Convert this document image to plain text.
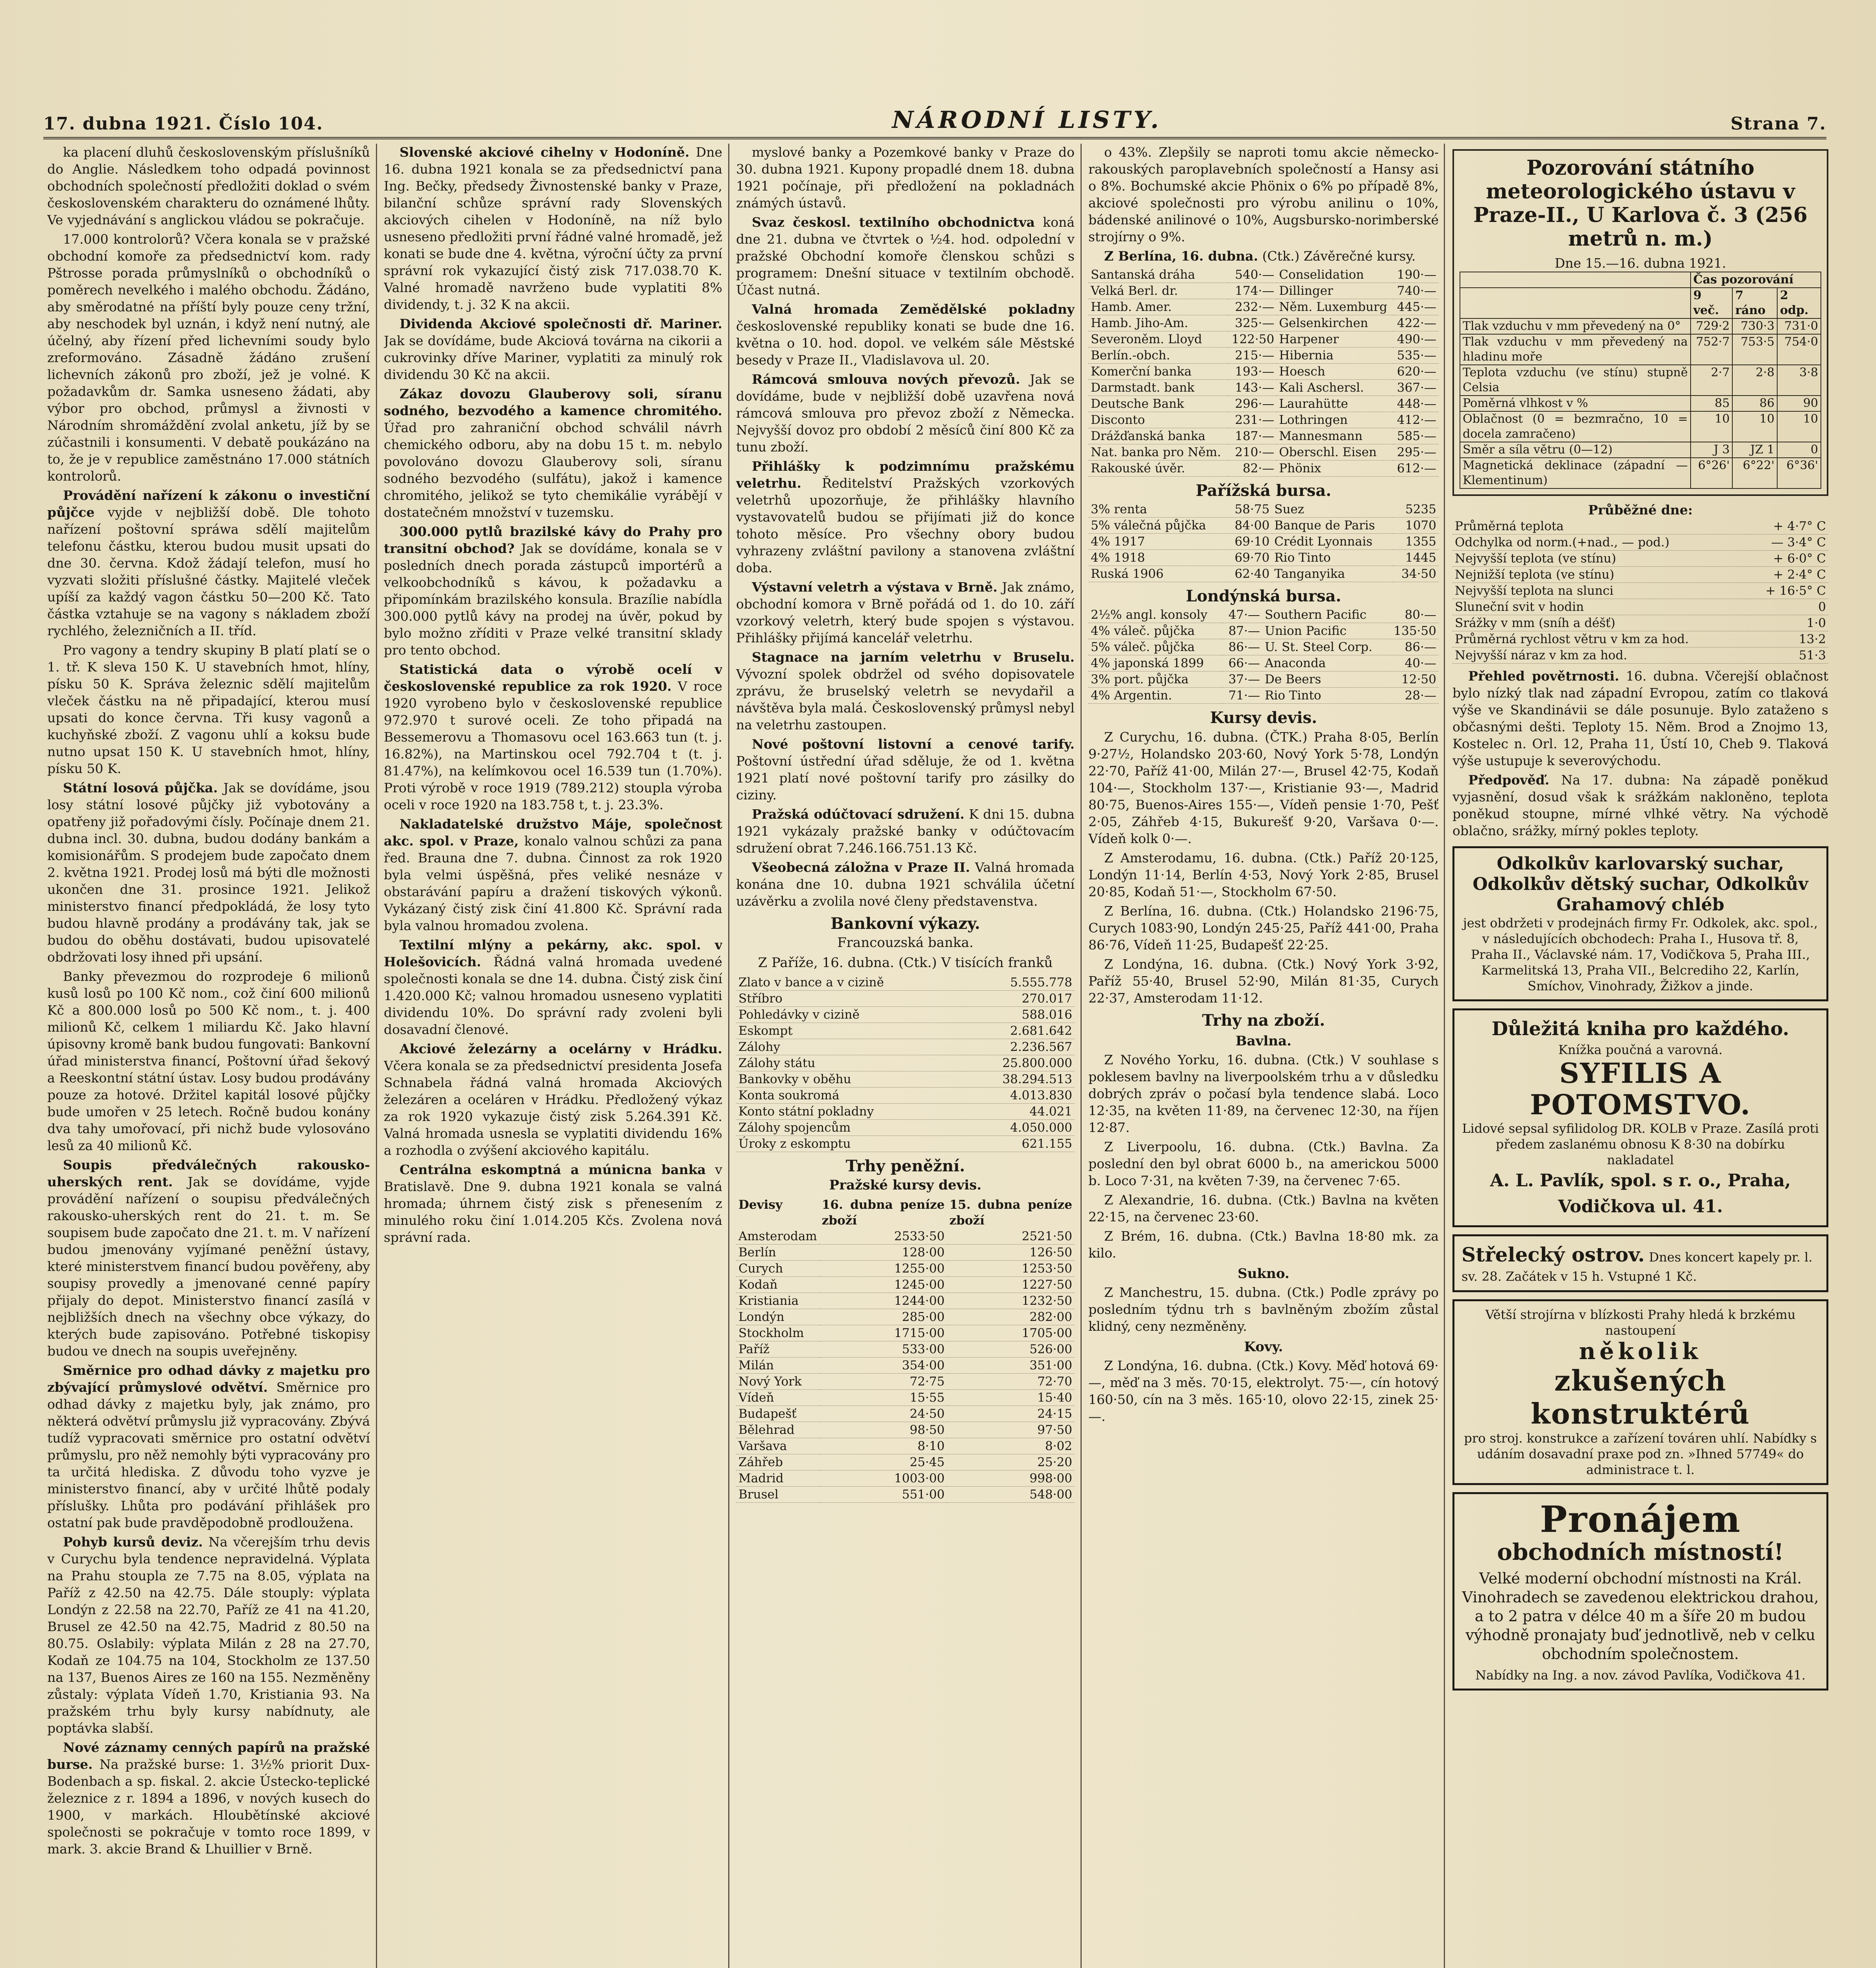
17. dubna 1921. Číslo 104.	NÁRODNÍ LISTY.	Strana 7.

ka placení dluhů československým příslušníků do Anglie. Následkem toho odpadá povinnost obchodních společností předložiti doklad o svém československém charakteru do oznámené lhůty. Ve vyjednávání s anglickou vládou se pokračuje.

17.000 kontrolorů? Včera konala se v pražské obchodní komoře za předsednictví kom. rady Pštrosse porada průmyslníků o obchodníků o poměrech nevelkého i malého obchodu. Žádáno, aby směrodatné na příští byly pouze ceny tržní, aby neschodek byl uznán, i když není nutný, ale účelný, aby řízení před lichevními soudy bylo zreformováno. Zásadně žádáno zrušení lichevních zákonů pro zboží, jež je volné. K požadavkům dr. Samka usneseno žádati, aby výbor pro obchod, průmysl a živnosti v Národním shromáždění zvolal anketu, jíž by se zúčastnili i konsumenti. V debatě poukázáno na to, že je v republice zaměstnáno 17.000 státních kontrolorů.

Provádění nařízení k zákonu o investiční půjčce vyjde v nejbližší době. Dle tohoto nařízení poštovní spráwa sdělí majitelům telefonu částku, kterou budou musit upsati do dne 30. června. Kdož žádají telefon, musí ho vyzvati složiti příslušné částky. Majitelé vleček upíší za každý vagon částku 50—200 Kč. Tato částka vztahuje se na vagony s nákladem zboží rychlého, železničních a II. tříd.

Pro vagony a tendry skupiny B platí platí se o 1. tř. K sleva 150 K. U stavebních hmot, hlíny, písku 50 K. Správa železnic sdělí majitelům vleček částku na ně připadající, kterou musí upsati do konce června. Tři kusy vagonů a kuchyňské zboží. Z vagonu uhlí a koksu bude nutno upsat 150 K. U stavebních hmot, hlíny, písku 50 K.

Státní losová půjčka. Jak se dovídáme, jsou losy státní losové půjčky již vybotovány a opatřeny již pořadovými čísly. Počínaje dnem 21. dubna incl. 30. dubna, budou dodány bankám a komisionářům. S prodejem bude započato dnem 2. května 1921. Prodej losů má býti dle možnosti ukončen dne 31. prosince 1921. Jelikož ministerstvo financí předpokládá, že losy tyto budou hlavně prodány a prodávány tak, jak se budou do oběhu dostávati, budou upisovatelé obdržovati losy ihned při upsání.

Banky převezmou do rozprodeje 6 milionů kusů losů po 100 Kč nom., což činí 600 milionů Kč a 800.000 losů po 500 Kč nom., t. j. 400 milionů Kč, celkem 1 miliardu Kč. Jako hlavní úpisovny kromě bank budou fungovati: Bankovní úřad ministerstva financí, Poštovní úřad šekový a Reeskontní státní ústav. Losy budou prodávány pouze za hotové. Držitel kapitál losové půjčky bude umořen v 25 letech. Ročně budou konány dva tahy umořovací, při nichž bude vylosováno lesů za 40 milionů Kč.

Soupis předválečných rakousko-uherských rent. Jak se dovídáme, vyjde provádění nařízení o soupisu předválečných rakousko-uherských rent do 21. t. m. Se soupisem bude započato dne 21. t. m. V nařízení budou jmenovány vyjímané peněžní ústavy, které ministerstvem financí budou pověřeny, aby soupisy provedly a jmenované cenné papíry přijaly do depot. Ministerstvo financí zasílá v nejbližších dnech na všechny obce výkazy, do kterých bude zapisováno. Potřebné tiskopisy budou ve dnech na soupis uveřejněny.

Směrnice pro odhad dávky z majetku pro zbývající průmyslové odvětví. Směrnice pro odhad dávky z majetku byly, jak známo, pro některá odvětví průmyslu již vypracovány. Zbývá tudíž vypracovati směrnice pro ostatní odvětví průmyslu, pro něž nemohly býti vypracovány pro ta určitá hlediska. Z důvodu toho vyzve je ministerstvo financí, aby v určité lhůtě podaly příslušky. Lhůta pro podávání přihlášek pro ostatní pak bude pravděpodobně prodloužena.

Pohyb kursů deviz. Na včerejším trhu devis v Curychu byla tendence nepravidelná. Výplata na Prahu stoupla ze 7.75 na 8.05, výplata na Paříž z 42.50 na 42.75. Dále stouply: výplata Londýn z 22.58 na 22.70, Paříž ze 41 na 41.20, Brusel ze 42.50 na 42.75, Madrid z 80.50 na 80.75. Oslabily: výplata Milán z 28 na 27.70, Kodaň ze 104.75 na 104, Stockholm ze 137.50 na 137, Buenos Aires ze 160 na 155. Nezměněny zůstaly: výplata Vídeň 1.70, Kristiania 93. Na pražském trhu byly kursy nabídnuty, ale poptávka slabší.

Nové záznamy cenných papírů na pražské burse. Na pražské burse: 1. 3½% priorit Dux-Bodenbach a sp. fiskal. 2. akcie Ústecko-teplické železnice z r. 1894 a 1896, v nových kusech do 1900, v markách. Hloubětínské akciové společnosti se pokračuje v tomto roce 1899, v mark. 3. akcie Brand & Lhuillier v Brně.

Slovenské akciové cihelny v Hodoníně. Dne 16. dubna 1921 konala se za předsednictví pana Ing. Bečky, předsedy Živnostenské banky v Praze, bilanční schůze správní rady Slovenských akciových cihelen v Hodoníně, na níž bylo usneseno předložiti první řádné valné hromadě, jež konati se bude dne 4. května, výroční účty za první správní rok vykazující čistý zisk 717.038.70 K. Valné hromadě navrženo bude vyplatiti 8% dividendy, t. j. 32 K na akcii.

Dividenda Akciové společnosti dř. Mariner. Jak se dovídáme, bude Akciová továrna na cikorii a cukrovinky dříve Mariner, vyplatiti za minulý rok dividendu 30 Kč na akcii.

Zákaz dovozu Glauberovy soli, síranu sodného, bezvodého a kamence chromitého. Úřad pro zahraniční obchod schválil návrh chemického odboru, aby na dobu 15 t. m. nebylo povolováno dovozu Glauberovy soli, síranu sodného bezvodého (sulfátu), jakož i kamence chromitého, jelikož se tyto chemikálie vyrábějí v dostatečném množství v tuzemsku.

300.000 pytlů brazilské kávy do Prahy pro transitní obchod? Jak se dovídáme, konala se v posledních dnech porada zástupců importérů a velkoobchodníků s kávou, k požadavku a připomínkám brazilského konsula. Brazílie nabídla 300.000 pytlů kávy na prodej na úvěr, pokud by bylo možno zříditi v Praze velké transitní sklady pro tento obchod.

Statistická data o výrobě ocelí v československé republice za rok 1920. V roce 1920 vyrobeno bylo v československé republice 972.970 t surové oceli. Ze toho připadá na Bessemerovu a Thomasovu ocel 163.663 tun (t. j. 16.82%), na Martinskou ocel 792.704 t (t. j. 81.47%), na kelímkovou ocel 16.539 tun (1.70%). Proti výrobě v roce 1919 (789.212) stoupla výroba oceli v roce 1920 na 183.758 t, t. j. 23.3%.

Nakladatelské družstvo Máje, společnost akc. spol. v Praze, konalo valnou schůzi za pana řed. Brauna dne 7. dubna. Činnost za rok 1920 byla velmi úspěšná, přes veliké nesnáze v obstarávání papíru a dražení tiskových výkonů. Vykázaný čistý zisk činí 41.800 Kč. Správní rada byla valnou hromadou zvolena.

Textilní mlýny a pekárny, akc. spol. v Holešovicích. Řádná valná hromada uvedené společnosti konala se dne 14. dubna. Čistý zisk činí 1.420.000 Kč; valnou hromadou usneseno vyplatiti dividendu 10%. Do správní rady zvoleni byli dosavadní členové.

Akciové železárny a ocelárny v Hrádku. Včera konala se za předsednictví presidenta Josefa Schnabela řádná valná hromada Akciových železáren a oceláren v Hrádku. Předložený výkaz za rok 1920 vykazuje čistý zisk 5.264.391 Kč. Valná hromada usnesla se vyplatiti dividendu 16% a rozhodla o zvýšení akciového kapitálu.

Centrálna eskomptná a múnicna banka v Bratislavě. Dne 9. dubna 1921 konala se valná hromada; úhrnem čistý zisk s přenesením z minulého roku činí 1.014.205 Kčs. Zvolena nová správní rada.

myslové banky a Pozemkové banky v Praze do 30. dubna 1921. Kupony propadlé dnem 18. dubna 1921 počínaje, při předložení na pokladnách známých ústavů.

Svaz českosl. textilního obchodnictva koná dne 21. dubna ve čtvrtek o ½4. hod. odpolední v pražské Obchodní komoře členskou schůzi s programem: Dnešní situace v textilním obchodě. Účast nutná.

Valná hromada Zemědělské pokladny československé republiky konati se bude dne 16. května o 10. hod. dopol. ve velkém sále Městské besedy v Praze II., Vladislavova ul. 20.

Rámcová smlouva nových převozů. Jak se dovídáme, bude v nejbližší době uzavřena nová rámcová smlouva pro převoz zboží z Německa. Nejvyšší dovoz pro období 2 měsíců činí 800 Kč za tunu zboží.

Přihlášky k podzimnímu pražskému veletrhu. Ředitelství Pražských vzorkových veletrhů upozorňuje, že přihlášky hlavního vystavovatelů budou se přijímati již do konce tohoto měsíce. Pro všechny obory budou vyhrazeny zvláštní pavilony a stanovena zvláštní doba.

Výstavní veletrh a výstava v Brně. Jak známo, obchodní komora v Brně pořádá od 1. do 10. září vzorkový veletrh, který bude spojen s výstavou. Přihlášky přijímá kancelář veletrhu.

Stagnace na jarním veletrhu v Bruselu. Vývozní spolek obdržel od svého dopisovatele zprávu, že bruselský veletrh se nevydařil a návštěva byla malá. Československý průmysl nebyl na veletrhu zastoupen.

Nové poštovní listovní a cenové tarify. Poštovní ústřední úřad sděluje, že od 1. května 1921 platí nové poštovní tarify pro zásilky do ciziny.

Pražská odúčtovací sdružení. K dni 15. dubna 1921 vykázaly pražské banky v odúčtovacím sdružení obrat 7.246.166.751.13 Kč.

Všeobecná záložna v Praze II. Valná hromada konána dne 10. dubna 1921 schválila účetní uzávěrku a zvolila nové členy představenstva.

Bankovní výkazy.
Francouzská banka.
Z Paříže, 16. dubna. (Ctk.) V tisících franků
Zlato v bance a v cizině	5.555.778
Stříbro	270.017
Pohledávky v cizině	588.016
Eskompt	2.681.642
Zálohy	2.236.567
Zálohy státu	25.800.000
Bankovky v oběhu	38.294.513
Konta soukromá	4.013.830
Konto státní pokladny	44.021
Zálohy spojencům	4.050.000
Úroky z eskomptu	621.155
Trhy peněžní.
Pražské kursy devis.
Devisy	16. dubna peníze zboží	15. dubna peníze zboží
Amsterodam	2533·50	2521·50
Berlín	128·00	126·50
Curych	1255·00	1253·50
Kodaň	1245·00	1227·50
Kristiania	1244·00	1232·50
Londýn	285·00	282·00
Stockholm	1715·00	1705·00
Paříž	533·00	526·00
Milán	354·00	351·00
Nový York	72·75	72·70
Vídeň	15·55	15·40
Budapešť	24·50	24·15
Bělehrad	98·50	97·50
Varšava	8·10	8·02
Záhřeb	25·45	25·20
Madrid	1003·00	998·00
Brusel	551·00	548·00

o 43%. Zlepšily se naproti tomu akcie německo-rakouských paroplavebních společností a Hansy asi o 8%. Bochumské akcie Phönix o 6% po případě 8%, akciové společnosti pro výrobu anilinu o 10%, bádenské anilinové o 10%, Augsbursko-norimberské strojírny o 9%.

Z Berlína, 16. dubna. (Ctk.) Závěrečné kursy.

Santanská dráha	540·—	Conselidation	190·—
Velká Berl. dr.	174·—	Dillinger	740·—
Hamb. Amer.	232·—	Něm. Luxemburg	445·—
Hamb. Jiho-Am.	325·—	Gelsenkirchen	422·—
Severoněm. Lloyd	122·50	Harpener	490·—
Berlín.-obch.	215·—	Hibernia	535·—
Komerční banka	193·—	Hoesch	620·—
Darmstadt. bank	143·—	Kali Aschersl.	367·—
Deutsche Bank	296·—	Laurahütte	448·—
Disconto	231·—	Lothringen	412·—
Drážďanská banka	187·—	Mannesmann	585·—
Nat. banka pro Něm.	210·—	Oberschl. Eisen	295·—
Rakouské úvěr.	82·—	Phönix	612·—
Pařížská bursa.
3% renta	58·75	Suez	5235
5% válečná půjčka	84·00	Banque de Paris	1070
4% 1917	69·10	Crédit Lyonnais	1355
4% 1918	69·70	Rio Tinto	1445
Ruská 1906	62·40	Tanganyika	34·50
Londýnská bursa.
2½% angl. konsoly	47·—	Southern Pacific	80·—
4% váleč. půjčka	87·—	Union Pacific	135·50
5% váleč. půjčka	86·—	U. St. Steel Corp.	86·—
4% japonská 1899	66·—	Anaconda	40·—
3% port. půjčka	37·—	De Beers	12·50
4% Argentin.	71·—	Rio Tinto	28·—
Kursy devis.

Z Curychu, 16. dubna. (ČTK.) Praha 8·05, Berlín 9·27½, Holandsko 203·60, Nový York 5·78, Londýn 22·70, Paříž 41·00, Milán 27·—, Brusel 42·75, Kodaň 104·—, Stockholm 137·—, Kristianie 93·—, Madrid 80·75, Buenos-Aires 155·—, Vídeň pensie 1·70, Pešť 2·05, Záhřeb 4·15, Bukurešť 9·20, Varšava 0·—. Vídeň kolk 0·—.

Z Amsterodamu, 16. dubna. (Ctk.) Paříž 20·125, Londýn 11·14, Berlín 4·53, Nový York 2·85, Brusel 20·85, Kodaň 51·—, Stockholm 67·50.

Z Berlína, 16. dubna. (Ctk.) Holandsko 2196·75, Curych 1083·90, Londýn 245·25, Paříž 441·00, Praha 86·76, Vídeň 11·25, Budapešť 22·25.

Z Londýna, 16. dubna. (Ctk.) Nový York 3·92, Paříž 55·40, Brusel 52·90, Milán 81·35, Curych 22·37, Amsterodam 11·12.

Trhy na zboží.
Bavlna.

Z Nového Yorku, 16. dubna. (Ctk.) V souhlase s poklesem bavlny na liverpoolském trhu a v důsledku dobrých zpráv o počasí byla tendence slabá. Loco 12·35, na květen 11·89, na červenec 12·30, na říjen 12·87.

Z Liverpoolu, 16. dubna. (Ctk.) Bavlna. Za poslední den byl obrat 6000 b., na americkou 5000 b. Loco 7·31, na květen 7·39, na červenec 7·65.

Z Alexandrie, 16. dubna. (Ctk.) Bavlna na květen 22·15, na červenec 23·60.

Z Brém, 16. dubna. (Ctk.) Bavlna 18·80 mk. za kilo.

Sukno.

Z Manchestru, 15. dubna. (Ctk.) Podle zprávy po posledním týdnu trh s bavlněným zbožím zůstal klidný, ceny nezměněny.

Kovy.

Z Londýna, 16. dubna. (Ctk.) Kovy. Měď hotová 69·—, měď na 3 měs. 70·15, elektrolyt. 75·—, cín hotový 160·50, cín na 3 měs. 165·10, olovo 22·15, zinek 25·—.

Pozorování státního meteorologického ústavu v Praze-II., U Karlova č. 3 (256 metrů n. m.)
Dne 15.—16. dubna 1921.
	Čas pozorování		
	9 več.	7 ráno	2 odp.
Tlak vzduchu v mm převedený na 0°	729·2	730·3	731·0
Tlak vzduchu v mm převedený na hladinu moře	752·7	753·5	754·0
Teplota vzduchu (ve stínu) stupně Celsia	2·7	2·8	3·8
Poměrná vlhkost v %	85	86	90
Oblačnost (0 = bezmračno, 10 = docela zamračeno)	10	10	10
Směr a síla větru (0—12)	J 3	JZ 1	0
Magnetická deklinace (západní — Klementinum)	6°26'	6°22'	6°36'
Průběžné dne:
Průměrná teplota	+ 4·7° C
Odchylka od norm.(+nad., — pod.)	— 3·4° C
Nejvyšší teplota (ve stínu)	+ 6·0° C
Nejnižší teplota (ve stínu)	+ 2·4° C
Nejvyšší teplota na slunci	+ 16·5° C
Sluneční svit v hodin	0
Srážky v mm (sníh a déšť)	1·0
Průměrná rychlost větru v km za hod.	13·2
Nejvyšší náraz v km za hod.	51·3

Přehled povětrnosti. 16. dubna. Včerejší oblačnost bylo nízký tlak nad západní Evropou, zatím co tlaková výše ve Skandinávii se dále posunuje. Bylo zataženo s občasnými dešti. Teploty 15. Něm. Brod a Znojmo 13, Kostelec n. Orl. 12, Praha 11, Ústí 10, Cheb 9. Tlaková výše ustupuje k severovýchodu.

Předpověď. Na 17. dubna: Na západě poněkud vyjasnění, dosud však k srážkám nakloněno, teplota poněkud stoupne, mírné vlhké větry. Na východě oblačno, srážky, mírný pokles teploty.

Odkolkův karlovarský suchar, Odkolkův dětský suchar, Odkolkův Grahamový chléb
jest obdržeti v prodejnách firmy Fr. Odkolek, akc. spol., v následujících obchodech: Praha I., Husova tř. 8, Praha II., Václavské nám. 17, Vodičkova 5, Praha III., Karmelitská 13, Praha VII., Belcrediho 22, Karlín, Smíchov, Vinohrady, Žižkov a jinde.
Důležitá kniha pro každého.
Knížka poučná a varovná.
SYFILIS A POTOMSTVO.
Lidové sepsal syfilidolog DR. KOLB v Praze. Zasílá proti předem zaslanému obnosu K 8·30 na dobírku nakladatel
A. L. Pavlík, spol. s r. o., Praha, Vodičkova ul. 41.
Střelecký ostrov. Dnes koncert kapely pr. l. sv. 28. Začátek v 15 h. Vstupné 1 Kč.
Větší strojírna v blízkosti Prahy hledá k brzkému nastoupení
několik
zkušených konstruktérů
pro stroj. konstrukce a zařízení továren uhlí. Nabídky s udáním dosavadní praxe pod zn. »Ihned 57749« do administrace t. l.
Pronájem
obchodních místností!
Velké moderní obchodní místnosti na Král. Vinohradech se zavedenou elektrickou drahou, a to 2 patra v délce 40 m a šíře 20 m budou výhodně pronajaty buď jednotlivě, neb v celku obchodním společnostem.
Nabídky na Ing. a nov. závod Pavlíka, Vodičkova 41.
